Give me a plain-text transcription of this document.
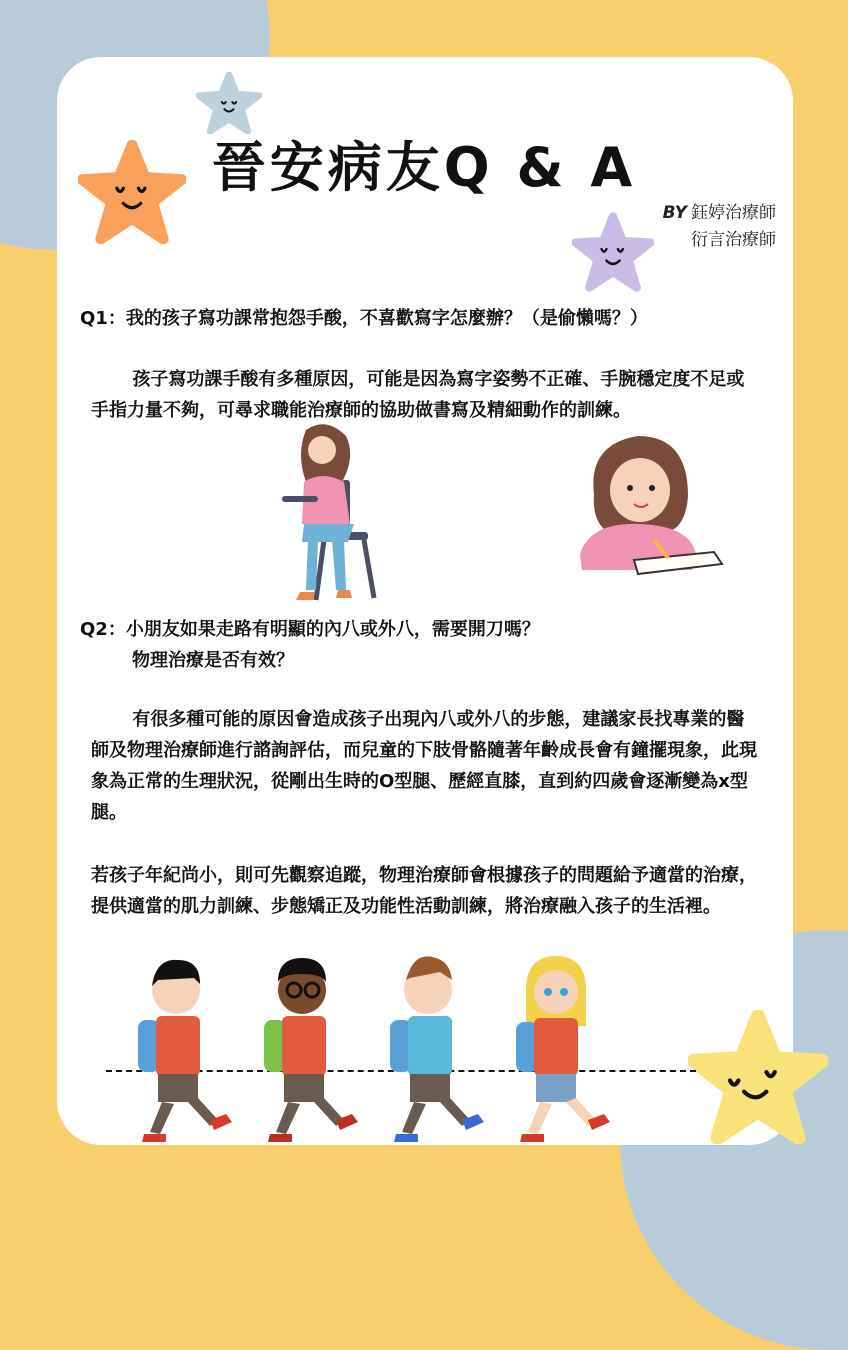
晉安病友Q & A
BY 鈺婷治療師
衍言治療師
Q1：我的孩子寫功課常抱怨手酸，不喜歡寫字怎麼辦？（是偷懶嗎？）
孩子寫功課手酸有多種原因，可能是因為寫字姿勢不正確、手腕穩定度不足或手指力量不夠，可尋求職能治療師的協助做書寫及精細動作的訓練。
Q2：小朋友如果走路有明顯的內八或外八，需要開刀嗎？
物理治療是否有效？
有很多種可能的原因會造成孩子出現內八或外八的步態，建議家長找專業的醫師及物理治療師進行諮詢評估，而兒童的下肢骨骼隨著年齡成長會有鐘擺現象，此現象為正常的生理狀況，從剛出生時的O型腿、歷經直膝，直到約四歲會逐漸變為x型腿。
若孩子年紀尚小，則可先觀察追蹤，物理治療師會根據孩子的問題給予適當的治療，提供適當的肌力訓練、步態矯正及功能性活動訓練，將治療融入孩子的生活裡。
